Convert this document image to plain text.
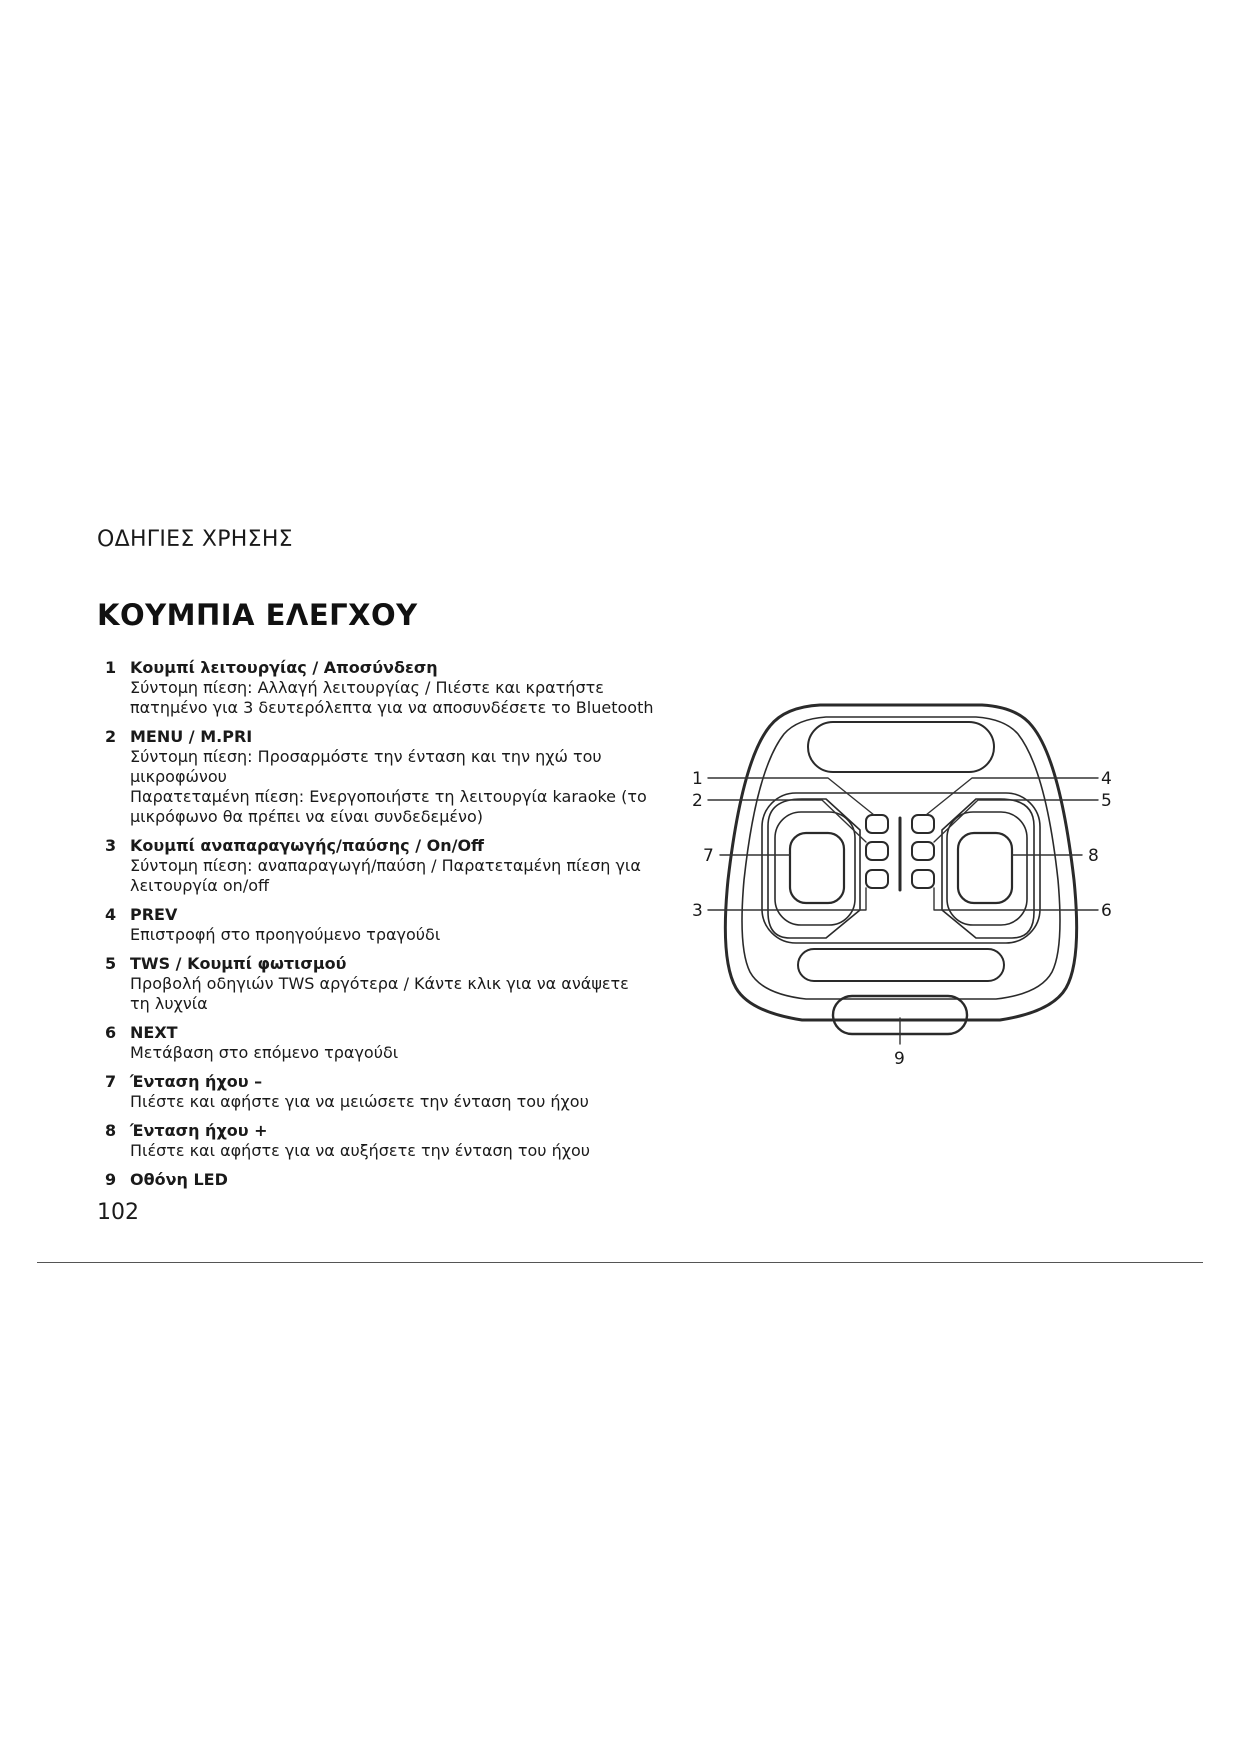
ΟΔΗΓΙΕΣ ΧΡΗΣΗΣ
ΚΟΥΜΠΙΑ ΕΛΕΓΧΟΥ
1 Κουμπί λειτουργίας / Αποσύνδεση
Σύντομη πίεση: Αλλαγή λειτουργίας / Πιέστε και κρατήστε
πατημένο για 3 δευτερόλεπτα για να αποσυνδέσετε το Bluetooth
2 MENU / M.PRI
Σύντομη πίεση: Προσαρμόστε την ένταση και την ηχώ του
μικροφώνου
Παρατεταμένη πίεση: Ενεργοποιήστε τη λειτουργία karaoke (το
μικρόφωνο θα πρέπει να είναι συνδεδεμένο)
3 Κουμπί αναπαραγωγής/παύσης / On/Off
Σύντομη πίεση: αναπαραγωγή/παύση / Παρατεταμένη πίεση για
λειτουργία on/off
4 PREV
Επιστροφή στο προηγούμενο τραγούδι
5 TWS / Κουμπί φωτισμού
Προβολή οδηγιών TWS αργότερα / Κάντε κλικ για να ανάψετε
τη λυχνία
6 NEXT
Μετάβαση στο επόμενο τραγούδι
7 Ένταση ήχου –
Πιέστε και αφήστε για να μειώσετε την ένταση του ήχου
8 Ένταση ήχου +
Πιέστε και αφήστε για να αυξήσετε την ένταση του ήχου
9 Οθόνη LED
1
2
7
3
4
5
8
6
9
102
